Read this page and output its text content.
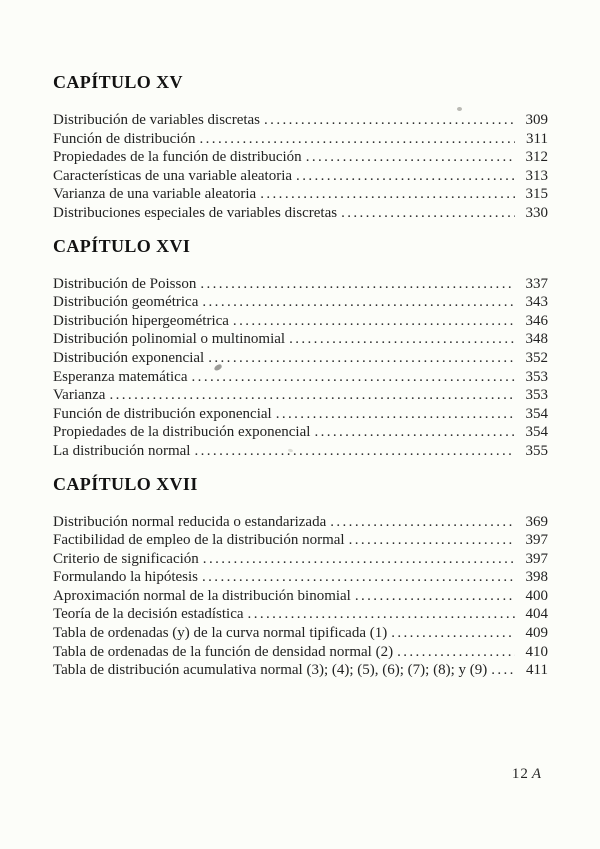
CAPÍTULO XV
Distribución de variables discretas .....	309
Función de distribución .....	311
Propiedades de la función de distribución .....	312
Características de una variable aleatoria .....	313
Varianza de una variable aleatoria .....	315
Distribuciones especiales de variables discretas .....	330
CAPÍTULO XVI
Distribución de Poisson .....	337
Distribución geométrica .....	343
Distribución hipergeométrica .....	346
Distribución polinomial o multinomial .....	348
Distribución exponencial .....	352
Esperanza matemática .....	353
Varianza .....	353
Función de distribución exponencial .....	354
Propiedades de la distribución exponencial .....	354
La distribución normal .....	355
CAPÍTULO XVII
Distribución normal reducida o estandarizada .....	369
Factibilidad de empleo de la distribución normal .....	397
Criterio de significación .....	397
Formulando la hipótesis .....	398
Aproximación normal de la distribución binomial .....	400
Teoría de la decisión estadística .....	404
Tabla de ordenadas (y) de la curva normal tipificada (1) .....	409
Tabla de ordenadas de la función de densidad normal (2) .....	410
Tabla de distribución acumulativa normal (3); (4); (5), (6); (7); (8); y (9) .....	411
12 A
